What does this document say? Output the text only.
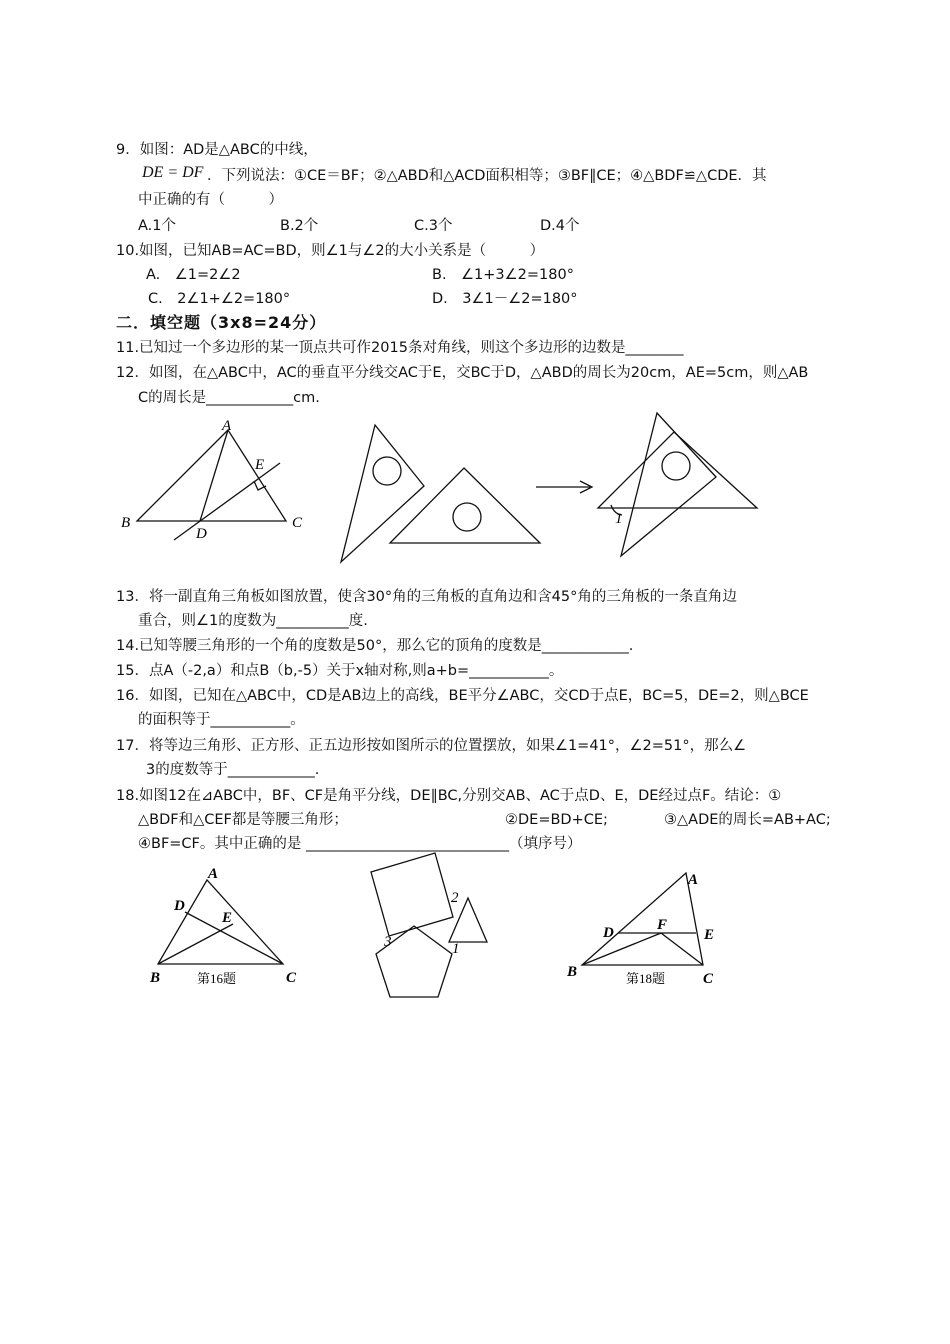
9．如图：AD是△ABC的中线，
DE = DF ．下列说法：①CE＝BF；②△ABD和△ACD面积相等；③BF∥CE；④△BDF≌△CDE．其
中正确的有（　　　）
A.1个	B.2个	C.3个	D.4个
10.如图，已知AB=AC=BD，则∠1与∠2的大小关系是（　　　）
A.　∠1=2∠2	B.　∠1+3∠2=180°
C.　2∠1+∠2=180°	D.　3∠1－∠2=180°
二．填空题（3x8=24分）
11.已知过一个多边形的某一顶点共可作2015条对角线，则这个多边形的边数是________
12．如图，在△ABC中，AC的垂直平分线交AC于E，交BC于D，△ABD的周长为20cm，AE=5cm，则△AB
C的周长是____________cm.
A
B	C
D
E
1
13．将一副直角三角板如图放置，使含30°角的三角板的直角边和含45°角的三角板的一条直角边
重合，则∠1的度数为__________度.
14.已知等腰三角形的一个角的度数是50°，那么它的顶角的度数是____________.
15．点A（-2,a）和点B（b,-5）关于x轴对称,则a+b=___________。
16．如图，已知在△ABC中，CD是AB边上的高线，BE平分∠ABC，交CD于点E，BC=5，DE=2，则△BCE
的面积等于___________。
17．将等边三角形、正方形、正五边形按如图所示的位置摆放，如果∠1=41°，∠2=51°，那么∠
3的度数等于____________.
18.如图12在⊿ABC中，BF、CF是角平分线，DE∥BC,分别交AB、AC于点D、E，DE经过点F。结论：①
△BDF和△CEF都是等腰三角形；	②DE=BD+CE;	③△ADE的周长=AB+AC;
④BF=CF。其中正确的是 ____________________________（填序号）
A
B	C
D
E
第16题
2
1
3
A
B	C
D	E
F
第18题
